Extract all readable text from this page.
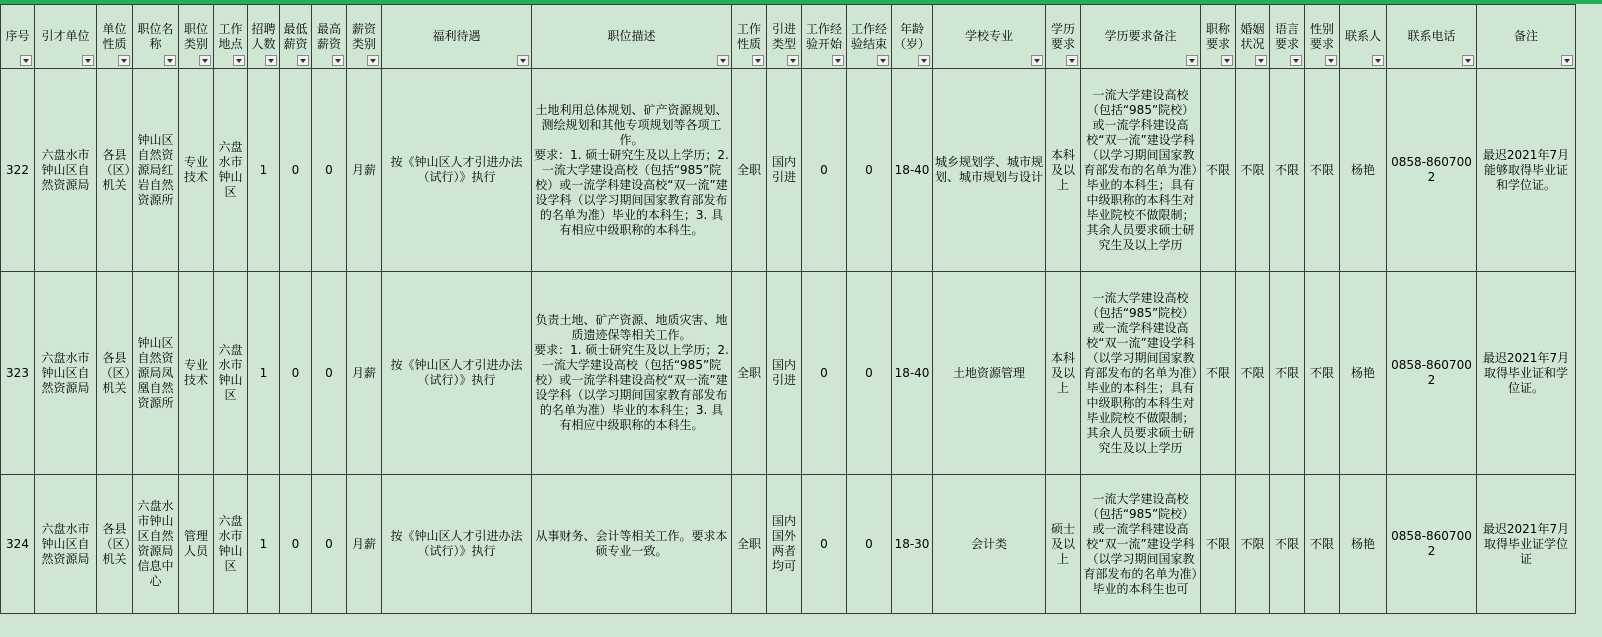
序号	引才单位	单位性质	职位名称	职位类别	工作地点	招聘人数	最低薪资	最高薪资	薪资类别	福利待遇	职位描述	工作性质	引进类型	工作经验开始	工作经验结束	年龄（岁）	学校专业	学历要求	学历要求备注	职称要求	婚姻状况	语言要求	性别要求	联系人	联系电话	备注

322	六盘水市钟山区自然资源局	各县（区）机关	钟山区自然资源局红岩自然资源所	专业技术	六盘水市钟山区	1	0	0	月薪	按《钟山区人才引进办法（试行）》执行	土地利用总体规划、矿产资源规划、测绘规划和其他专项规划等各项工作。
要求：1. 硕士研究生及以上学历；2. 一流大学建设高校（包括“985”院校）或一流学科建设高校“双一流”建设学科（以学习期间国家教育部发布的名单为准）毕业的本科生；3. 具有相应中级职称的本科生。	全职	国内引进	0	0	18-40	城乡规划学、城市规划、城市规划与设计	本科及以上	一流大学建设高校（包括“985”院校）或一流学科建设高校“双一流”建设学科（以学习期间国家教育部发布的名单为准）毕业的本科生；具有中级职称的本科生对毕业院校不做限制；其余人员要求硕士研究生及以上学历	不限	不限	不限	不限	杨艳	0858-8607002	最迟2021年7月能够取得毕业证和学位证。
323	六盘水市钟山区自然资源局	各县（区）机关	钟山区自然资源局凤凰自然资源所	专业技术	六盘水市钟山区	1	0	0	月薪	按《钟山区人才引进办法（试行）》执行	负责土地、矿产资源、地质灾害、地质遗迹保等相关工作。
要求：1. 硕士研究生及以上学历；2. 一流大学建设高校（包括“985”院校）或一流学科建设高校“双一流”建设学科（以学习期间国家教育部发布的名单为准）毕业的本科生；3. 具有相应中级职称的本科生。	全职	国内引进	0	0	18-40	土地资源管理	本科及以上	一流大学建设高校（包括“985”院校）或一流学科建设高校“双一流”建设学科（以学习期间国家教育部发布的名单为准）毕业的本科生；具有中级职称的本科生对毕业院校不做限制；其余人员要求硕士研究生及以上学历	不限	不限	不限	不限	杨艳	0858-8607002	最迟2021年7月取得毕业证和学位证。
324	六盘水市钟山区自然资源局	各县（区）机关	六盘水市钟山区自然资源局信息中心	管理人员	六盘水市钟山区	1	0	0	月薪	按《钟山区人才引进办法（试行）》执行	从事财务、会计等相关工作。要求本硕专业一致。	全职	国内国外两者均可	0	0	18-30	会计类	硕士及以上	一流大学建设高校（包括“985”院校）或一流学科建设高校“双一流”建设学科（以学习期间国家教育部发布的名单为准）毕业的本科生也可	不限	不限	不限	不限	杨艳	0858-8607002	最迟2021年7月取得毕业证学位证
